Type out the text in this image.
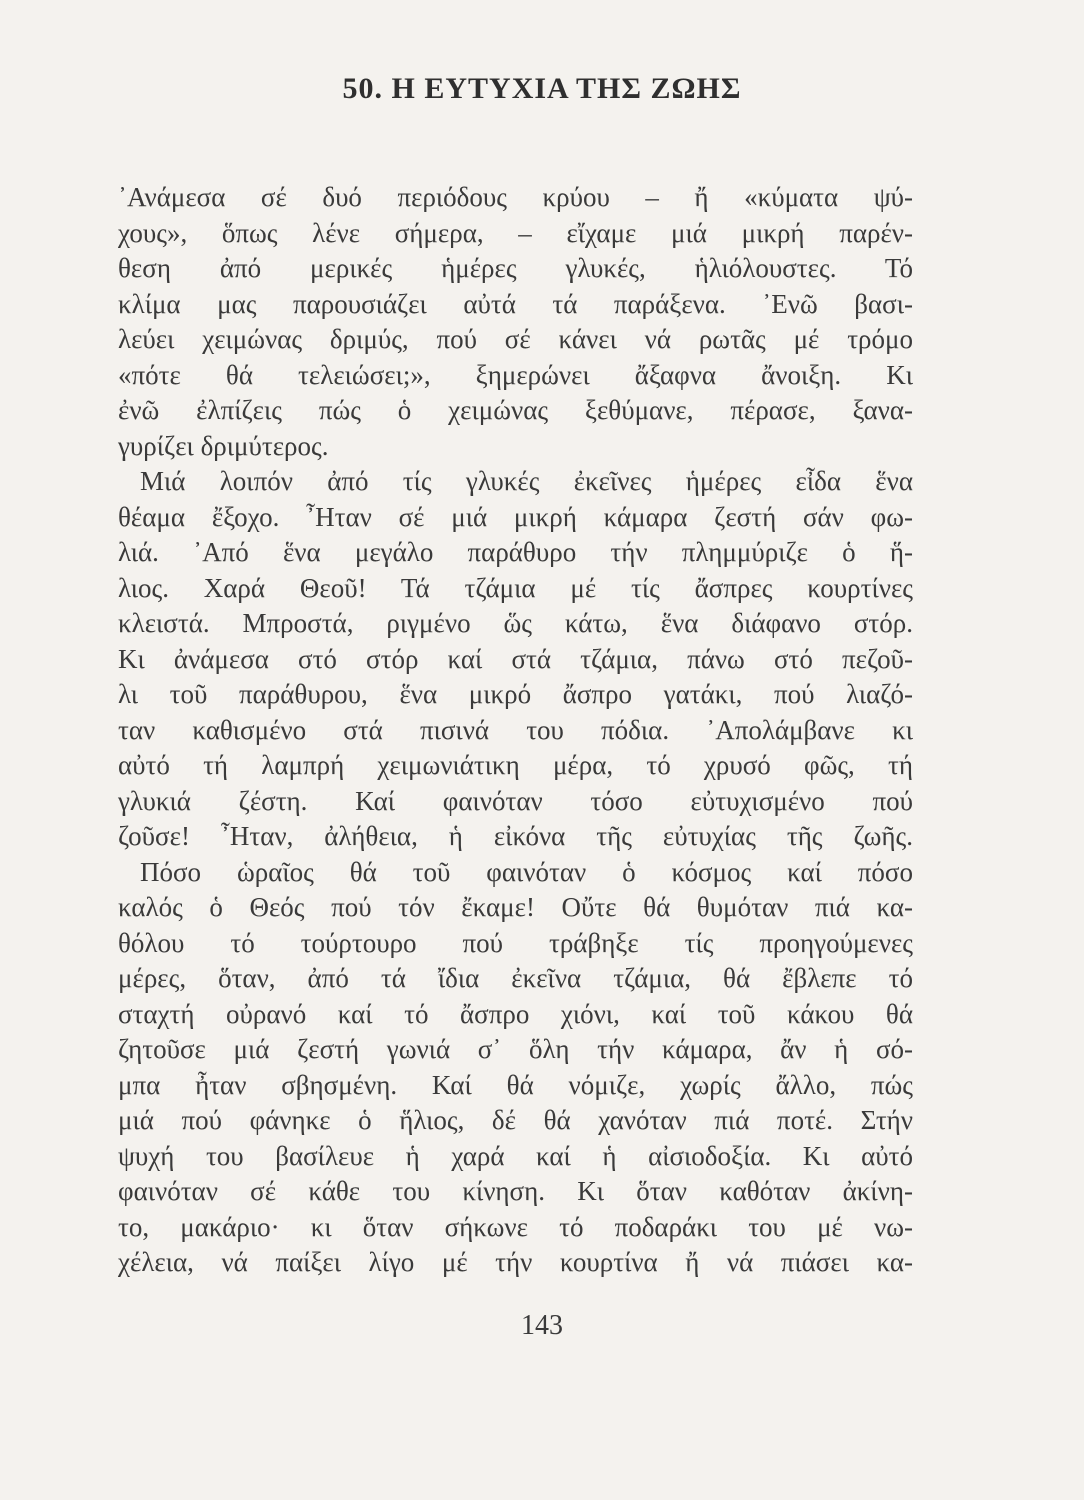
50. Η ΕΥΤΥΧΙΑ ΤΗΣ ΖΩΗΣ
᾿Ανάμεσα σέ δυό περιόδους κρύου – ἤ «κύματα ψύ-
χους», ὅπως λένε σήμερα, – εἴχαμε μιά μικρή παρέν-
θεση ἀπό μερικές ἡμέρες γλυκές, ἡλιόλουστες. Τό
κλίμα μας παρουσιάζει αὐτά τά παράξενα. ᾿Ενῶ βασι-
λεύει χειμώνας δριμύς, πού σέ κάνει νά ρωτᾶς μέ τρόμο
«πότε θά τελειώσει;», ξημερώνει ἄξαφνα ἄνοιξη. Κι
ἐνῶ ἐλπίζεις πώς ὁ χειμώνας ξεθύμανε, πέρασε, ξανα-
γυρίζει δριμύτερος.
Μιά λοιπόν ἀπό τίς γλυκές ἐκεῖνες ἡμέρες εἶδα ἕνα
θέαμα ἔξοχο. ῏Ηταν σέ μιά μικρή κάμαρα ζεστή σάν φω-
λιά. ᾿Από ἕνα μεγάλο παράθυρο τήν πλημμύριζε ὁ ἥ-
λιος. Χαρά Θεοῦ! Τά τζάμια μέ τίς ἄσπρες κουρτίνες
κλειστά. Μπροστά, ριγμένο ὥς κάτω, ἕνα διάφανο στόρ.
Κι ἀνάμεσα στό στόρ καί στά τζάμια, πάνω στό πεζοῦ-
λι τοῦ παράθυρου, ἕνα μικρό ἄσπρο γατάκι, πού λιαζό-
ταν καθισμένο στά πισινά του πόδια. ᾿Απολάμβανε κι
αὐτό τή λαμπρή χειμωνιάτικη μέρα, τό χρυσό φῶς, τή
γλυκιά ζέστη. Καί φαινόταν τόσο εὐτυχισμένο πού
ζοῦσε! ῏Ηταν, ἀλήθεια, ἡ εἰκόνα τῆς εὐτυχίας τῆς ζωῆς.
Πόσο ὡραῖος θά τοῦ φαινόταν ὁ κόσμος καί πόσο
καλός ὁ Θεός πού τόν ἔκαμε! Οὔτε θά θυμόταν πιά κα-
θόλου τό τούρτουρο πού τράβηξε τίς προηγούμενες
μέρες, ὅταν, ἀπό τά ἴδια ἐκεῖνα τζάμια, θά ἔβλεπε τό
σταχτή οὐρανό καί τό ἄσπρο χιόνι, καί τοῦ κάκου θά
ζητοῦσε μιά ζεστή γωνιά σ᾿ ὅλη τήν κάμαρα, ἄν ἡ σό-
μπα ἦταν σβησμένη. Καί θά νόμιζε, χωρίς ἄλλο, πώς
μιά πού φάνηκε ὁ ἥλιος, δέ θά χανόταν πιά ποτέ. Στήν
ψυχή του βασίλευε ἡ χαρά καί ἡ αἰσιοδοξία. Κι αὐτό
φαινόταν σέ κάθε του κίνηση. Κι ὅταν καθόταν ἀκίνη-
το, μακάριο· κι ὅταν σήκωνε τό ποδαράκι του μέ νω-
χέλεια, νά παίξει λίγο μέ τήν κουρτίνα ἤ νά πιάσει κα-
143
